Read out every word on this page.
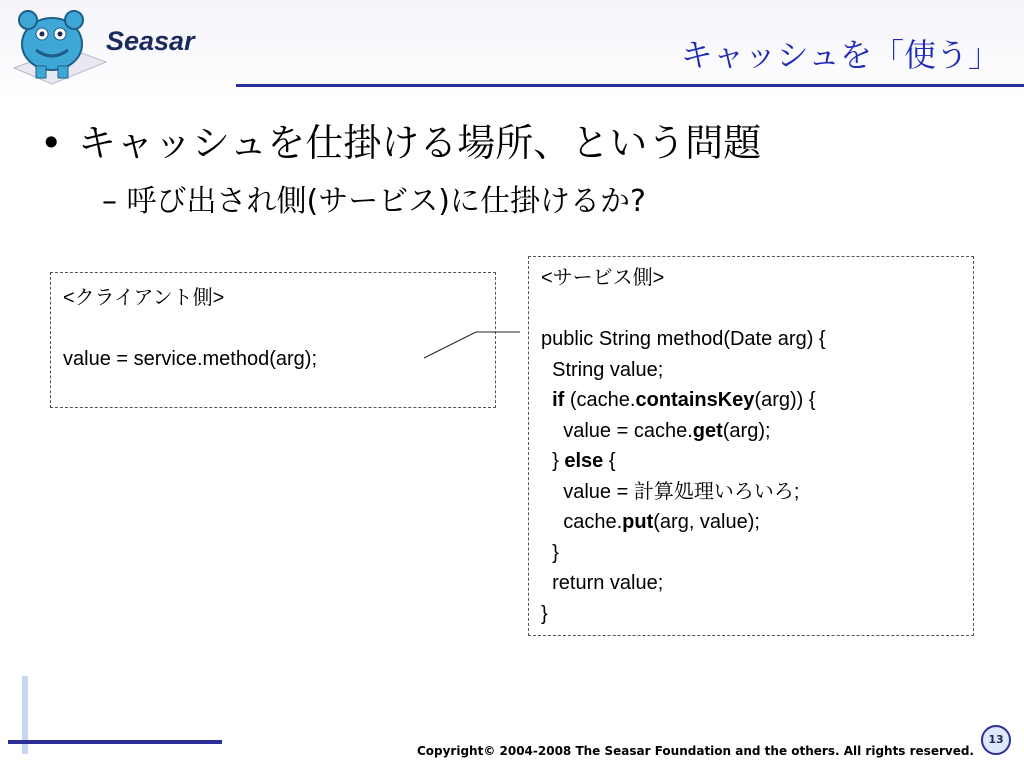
Seasar	キャッシュを「使う」
• キャッシュを仕掛ける場所、という問題
– 呼び出され側(サービス)に仕掛けるか?
<クライアント側>
value = service.method(arg);
<サービス側>
public String method(Date arg) {
String value;
if (cache.containsKey(arg)) {
value = cache.get(arg);
} else {
value = 計算処理いろいろ;
cache.put(arg, value);
}
return value;
}
Copyright© 2004-2008 The Seasar Foundation and the others. All rights reserved.
13
